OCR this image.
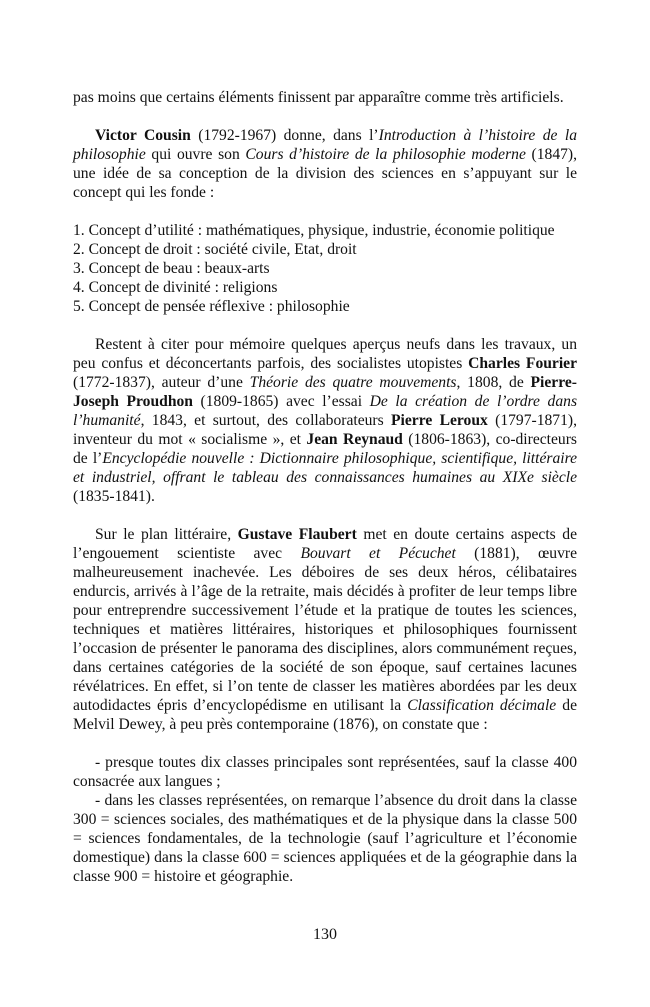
pas moins que certains éléments finissent par apparaître comme très artificiels.

Victor Cousin (1792-1967) donne, dans l’Introduction à l’histoire de la philosophie qui ouvre son Cours d’histoire de la philosophie moderne (1847), une idée de sa conception de la division des sciences en s’appuyant sur le concept qui les fonde :

1. Concept d’utilité : mathématiques, physique, industrie, économie politique
2. Concept de droit : société civile, Etat, droit
3. Concept de beau : beaux-arts
4. Concept de divinité : religions
5. Concept de pensée réflexive : philosophie

Restent à citer pour mémoire quelques aperçus neufs dans les travaux, un peu confus et déconcertants parfois, des socialistes utopistes Charles Fourier (1772-1837), auteur d’une Théorie des quatre mouvements, 1808, de Pierre-Joseph Proudhon (1809-1865) avec l’essai De la création de l’ordre dans l’humanité, 1843, et surtout, des collaborateurs Pierre Leroux (1797-1871), inventeur du mot « socialisme », et Jean Reynaud (1806-1863), co-directeurs de l’Encyclopédie nouvelle : Dictionnaire philosophique, scientifique, littéraire et industriel, offrant le tableau des connaissances humaines au XIXe siècle (1835-1841).

Sur le plan littéraire, Gustave Flaubert met en doute certains aspects de l’engouement scientiste avec Bouvart et Pécuchet (1881), œuvre malheureusement inachevée. Les déboires de ses deux héros, célibataires endurcis, arrivés à l’âge de la retraite, mais décidés à profiter de leur temps libre pour entreprendre successivement l’étude et la pratique de toutes les sciences, techniques et matières littéraires, historiques et philosophiques fournissent l’occasion de présenter le panorama des disciplines, alors communément reçues, dans certaines catégories de la société de son époque, sauf certaines lacunes révélatrices. En effet, si l’on tente de classer les matières abordées par les deux autodidactes épris d’encyclopédisme en utilisant la Classification décimale de Melvil Dewey, à peu près contemporaine (1876), on constate que :

- presque toutes dix classes principales sont représentées, sauf la classe 400 consacrée aux langues ;

- dans les classes représentées, on remarque l’absence du droit dans la classe 300 = sciences sociales, des mathématiques et de la physique dans la classe 500 = sciences fondamentales, de la technologie (sauf l’agriculture et l’économie domestique) dans la classe 600 = sciences appliquées et de la géographie dans la classe 900 = histoire et géographie.

130
